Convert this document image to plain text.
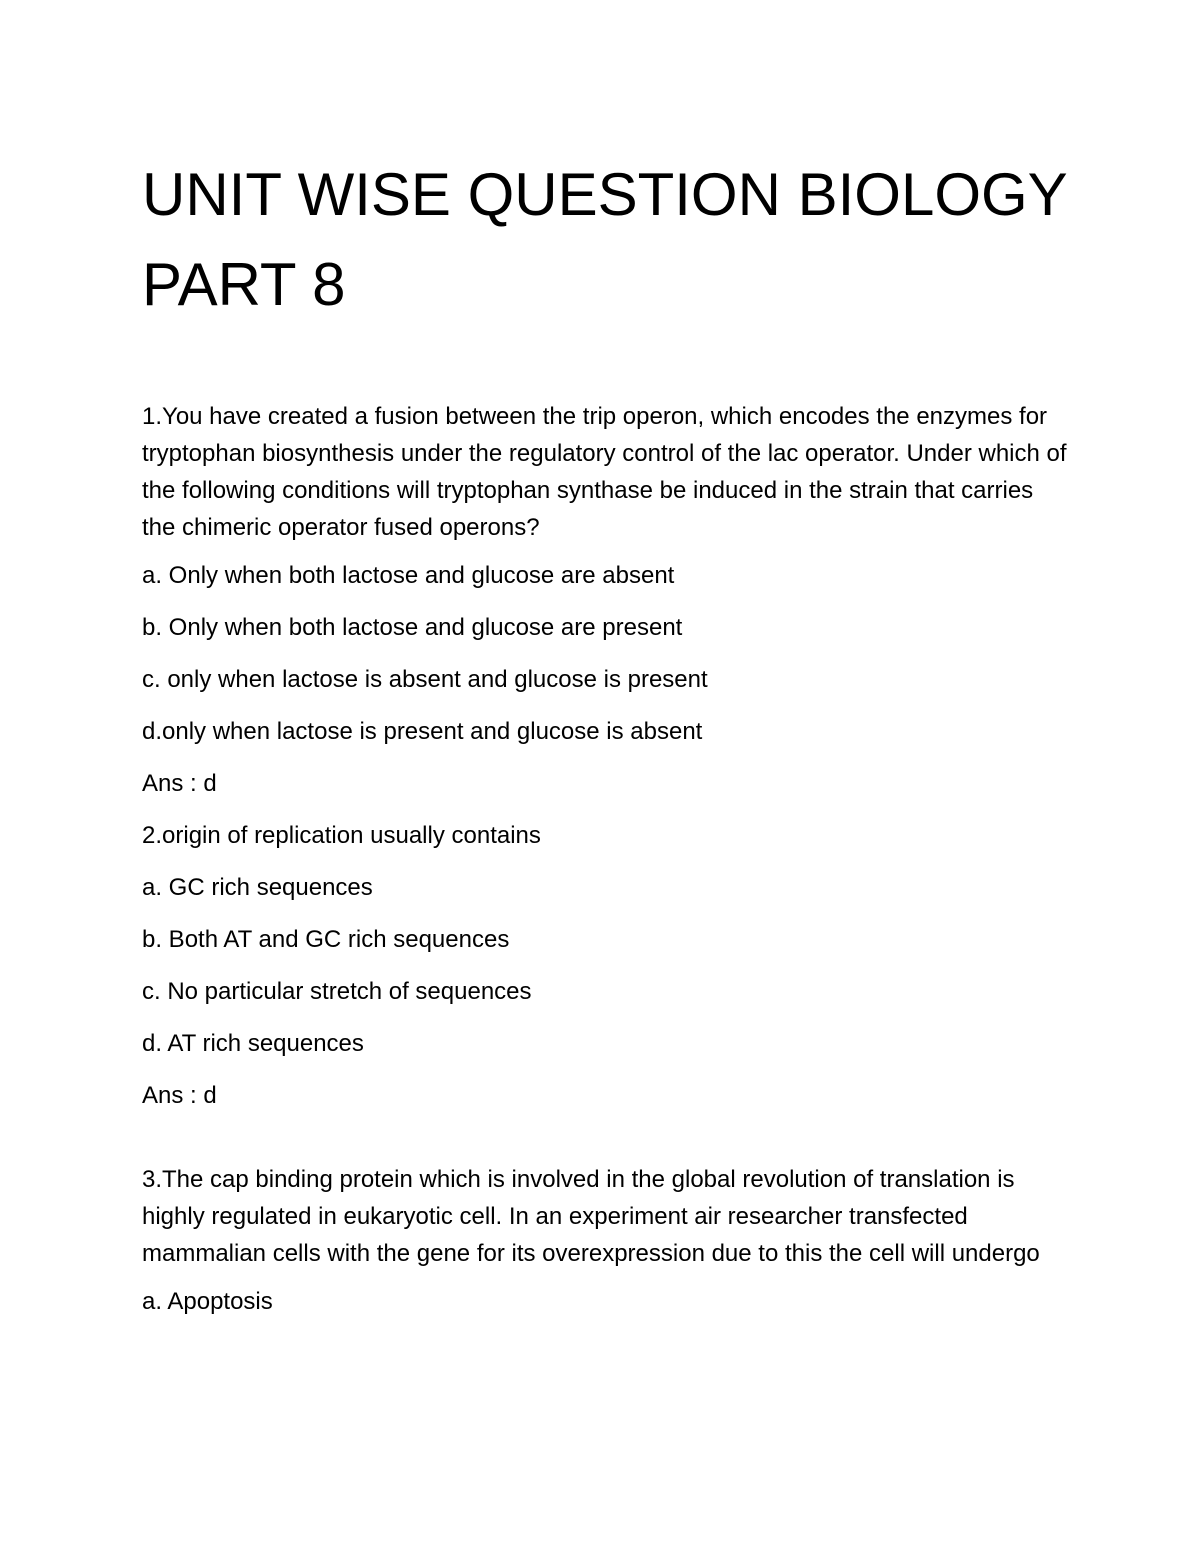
UNIT WISE QUESTION BIOLOGY
PART 8

1.You have created a fusion between the trip operon, which encodes the enzymes for tryptophan biosynthesis under the regulatory control of the lac operator. Under which of the following conditions will tryptophan synthase be induced in the strain that carries the chimeric operator fused operons?

a. Only when both lactose and glucose are absent

b. Only when both lactose and glucose are present

c. only when lactose is absent and glucose is present

d.only when lactose is present and glucose is absent

Ans : d

2.origin of replication usually contains

a. GC rich sequences

b. Both AT and GC rich sequences

c. No particular stretch of sequences

d. AT rich sequences

Ans : d

3.The cap binding protein which is involved in the global revolution of translation is highly regulated in eukaryotic cell. In an experiment air researcher transfected mammalian cells with the gene for its overexpression due to this the cell will undergo

a. Apoptosis
